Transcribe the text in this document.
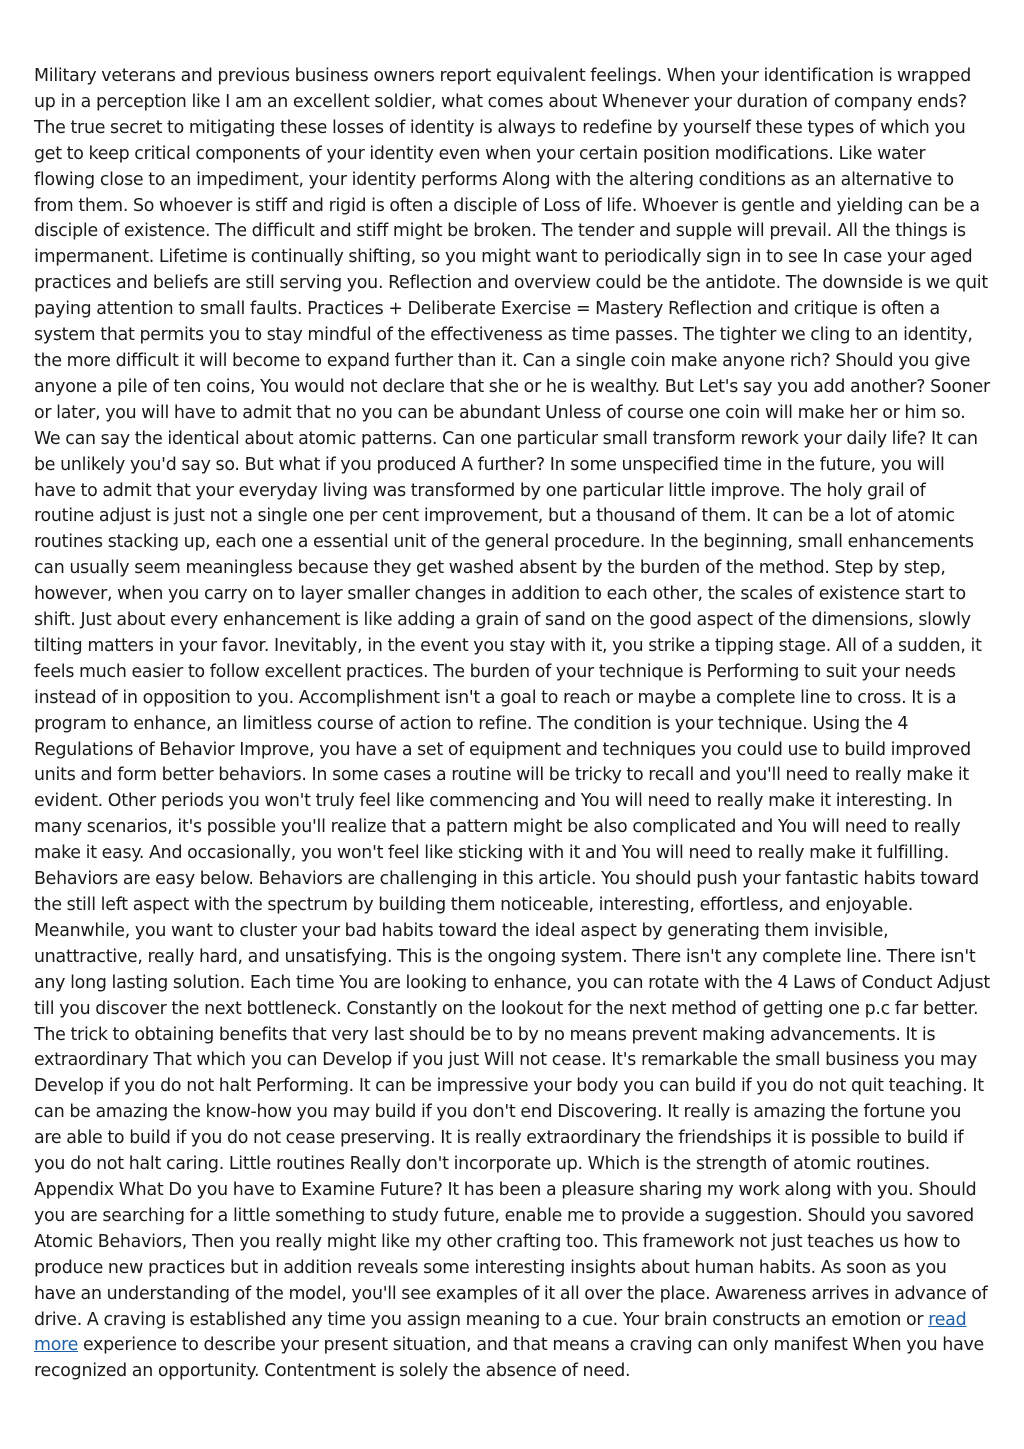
Military veterans and previous business owners report equivalent feelings. When your identification is wrapped up in a perception like I am an excellent soldier, what comes about Whenever your duration of company ends? The true secret to mitigating these losses of identity is always to redefine by yourself these types of which you get to keep critical components of your identity even when your certain position modifications. Like water flowing close to an impediment, your identity performs Along with the altering conditions as an alternative to from them. So whoever is stiff and rigid is often a disciple of Loss of life. Whoever is gentle and yielding can be a disciple of existence. The difficult and stiff might be broken. The tender and supple will prevail. All the things is impermanent. Lifetime is continually shifting, so you might want to periodically sign in to see In case your aged practices and beliefs are still serving you. Reflection and overview could be the antidote. The downside is we quit paying attention to small faults. Practices + Deliberate Exercise = Mastery Reflection and critique is often a system that permits you to stay mindful of the effectiveness as time passes. The tighter we cling to an identity, the more difficult it will become to expand further than it. Can a single coin make anyone rich? Should you give anyone a pile of ten coins, You would not declare that she or he is wealthy. But Let's say you add another? Sooner or later, you will have to admit that no you can be abundant Unless of course one coin will make her or him so. We can say the identical about atomic patterns. Can one particular small transform rework your daily life? It can be unlikely you'd say so. But what if you produced A further? In some unspecified time in the future, you will have to admit that your everyday living was transformed by one particular little improve. The holy grail of routine adjust is just not a single one per cent improvement, but a thousand of them. It can be a lot of atomic routines stacking up, each one a essential unit of the general procedure. In the beginning, small enhancements can usually seem meaningless because they get washed absent by the burden of the method. Step by step, however, when you carry on to layer smaller changes in addition to each other, the scales of existence start to shift. Just about every enhancement is like adding a grain of sand on the good aspect of the dimensions, slowly tilting matters in your favor. Inevitably, in the event you stay with it, you strike a tipping stage. All of a sudden, it feels much easier to follow excellent practices. The burden of your technique is Performing to suit your needs instead of in opposition to you. Accomplishment isn't a goal to reach or maybe a complete line to cross. It is a program to enhance, an limitless course of action to refine. The condition is your technique. Using the 4 Regulations of Behavior Improve, you have a set of equipment and techniques you could use to build improved units and form better behaviors. In some cases a routine will be tricky to recall and you'll need to really make it evident. Other periods you won't truly feel like commencing and You will need to really make it interesting. In many scenarios, it's possible you'll realize that a pattern might be also complicated and You will need to really make it easy. And occasionally, you won't feel like sticking with it and You will need to really make it fulfilling. Behaviors are easy below. Behaviors are challenging in this article. You should push your fantastic habits toward the still left aspect with the spectrum by building them noticeable, interesting, effortless, and enjoyable. Meanwhile, you want to cluster your bad habits toward the ideal aspect by generating them invisible, unattractive, really hard, and unsatisfying. This is the ongoing system. There isn't any complete line. There isn't any long lasting solution. Each time You are looking to enhance, you can rotate with the 4 Laws of Conduct Adjust till you discover the next bottleneck. Constantly on the lookout for the next method of getting one p.c far better. The trick to obtaining benefits that very last should be to by no means prevent making advancements. It is extraordinary That which you can Develop if you just Will not cease. It's remarkable the small business you may Develop if you do not halt Performing. It can be impressive your body you can build if you do not quit teaching. It can be amazing the know-how you may build if you don't end Discovering. It really is amazing the fortune you are able to build if you do not cease preserving. It is really extraordinary the friendships it is possible to build if you do not halt caring. Little routines Really don't incorporate up. Which is the strength of atomic routines. Appendix What Do you have to Examine Future? It has been a pleasure sharing my work along with you. Should you are searching for a little something to study future, enable me to provide a suggestion. Should you savored Atomic Behaviors, Then you really might like my other crafting too. This framework not just teaches us how to produce new practices but in addition reveals some interesting insights about human habits. As soon as you have an understanding of the model, you'll see examples of it all over the place. Awareness arrives in advance of drive. A craving is established any time you assign meaning to a cue. Your brain constructs an emotion or read more experience to describe your present situation, and that means a craving can only manifest When you have recognized an opportunity. Contentment is solely the absence of need.
